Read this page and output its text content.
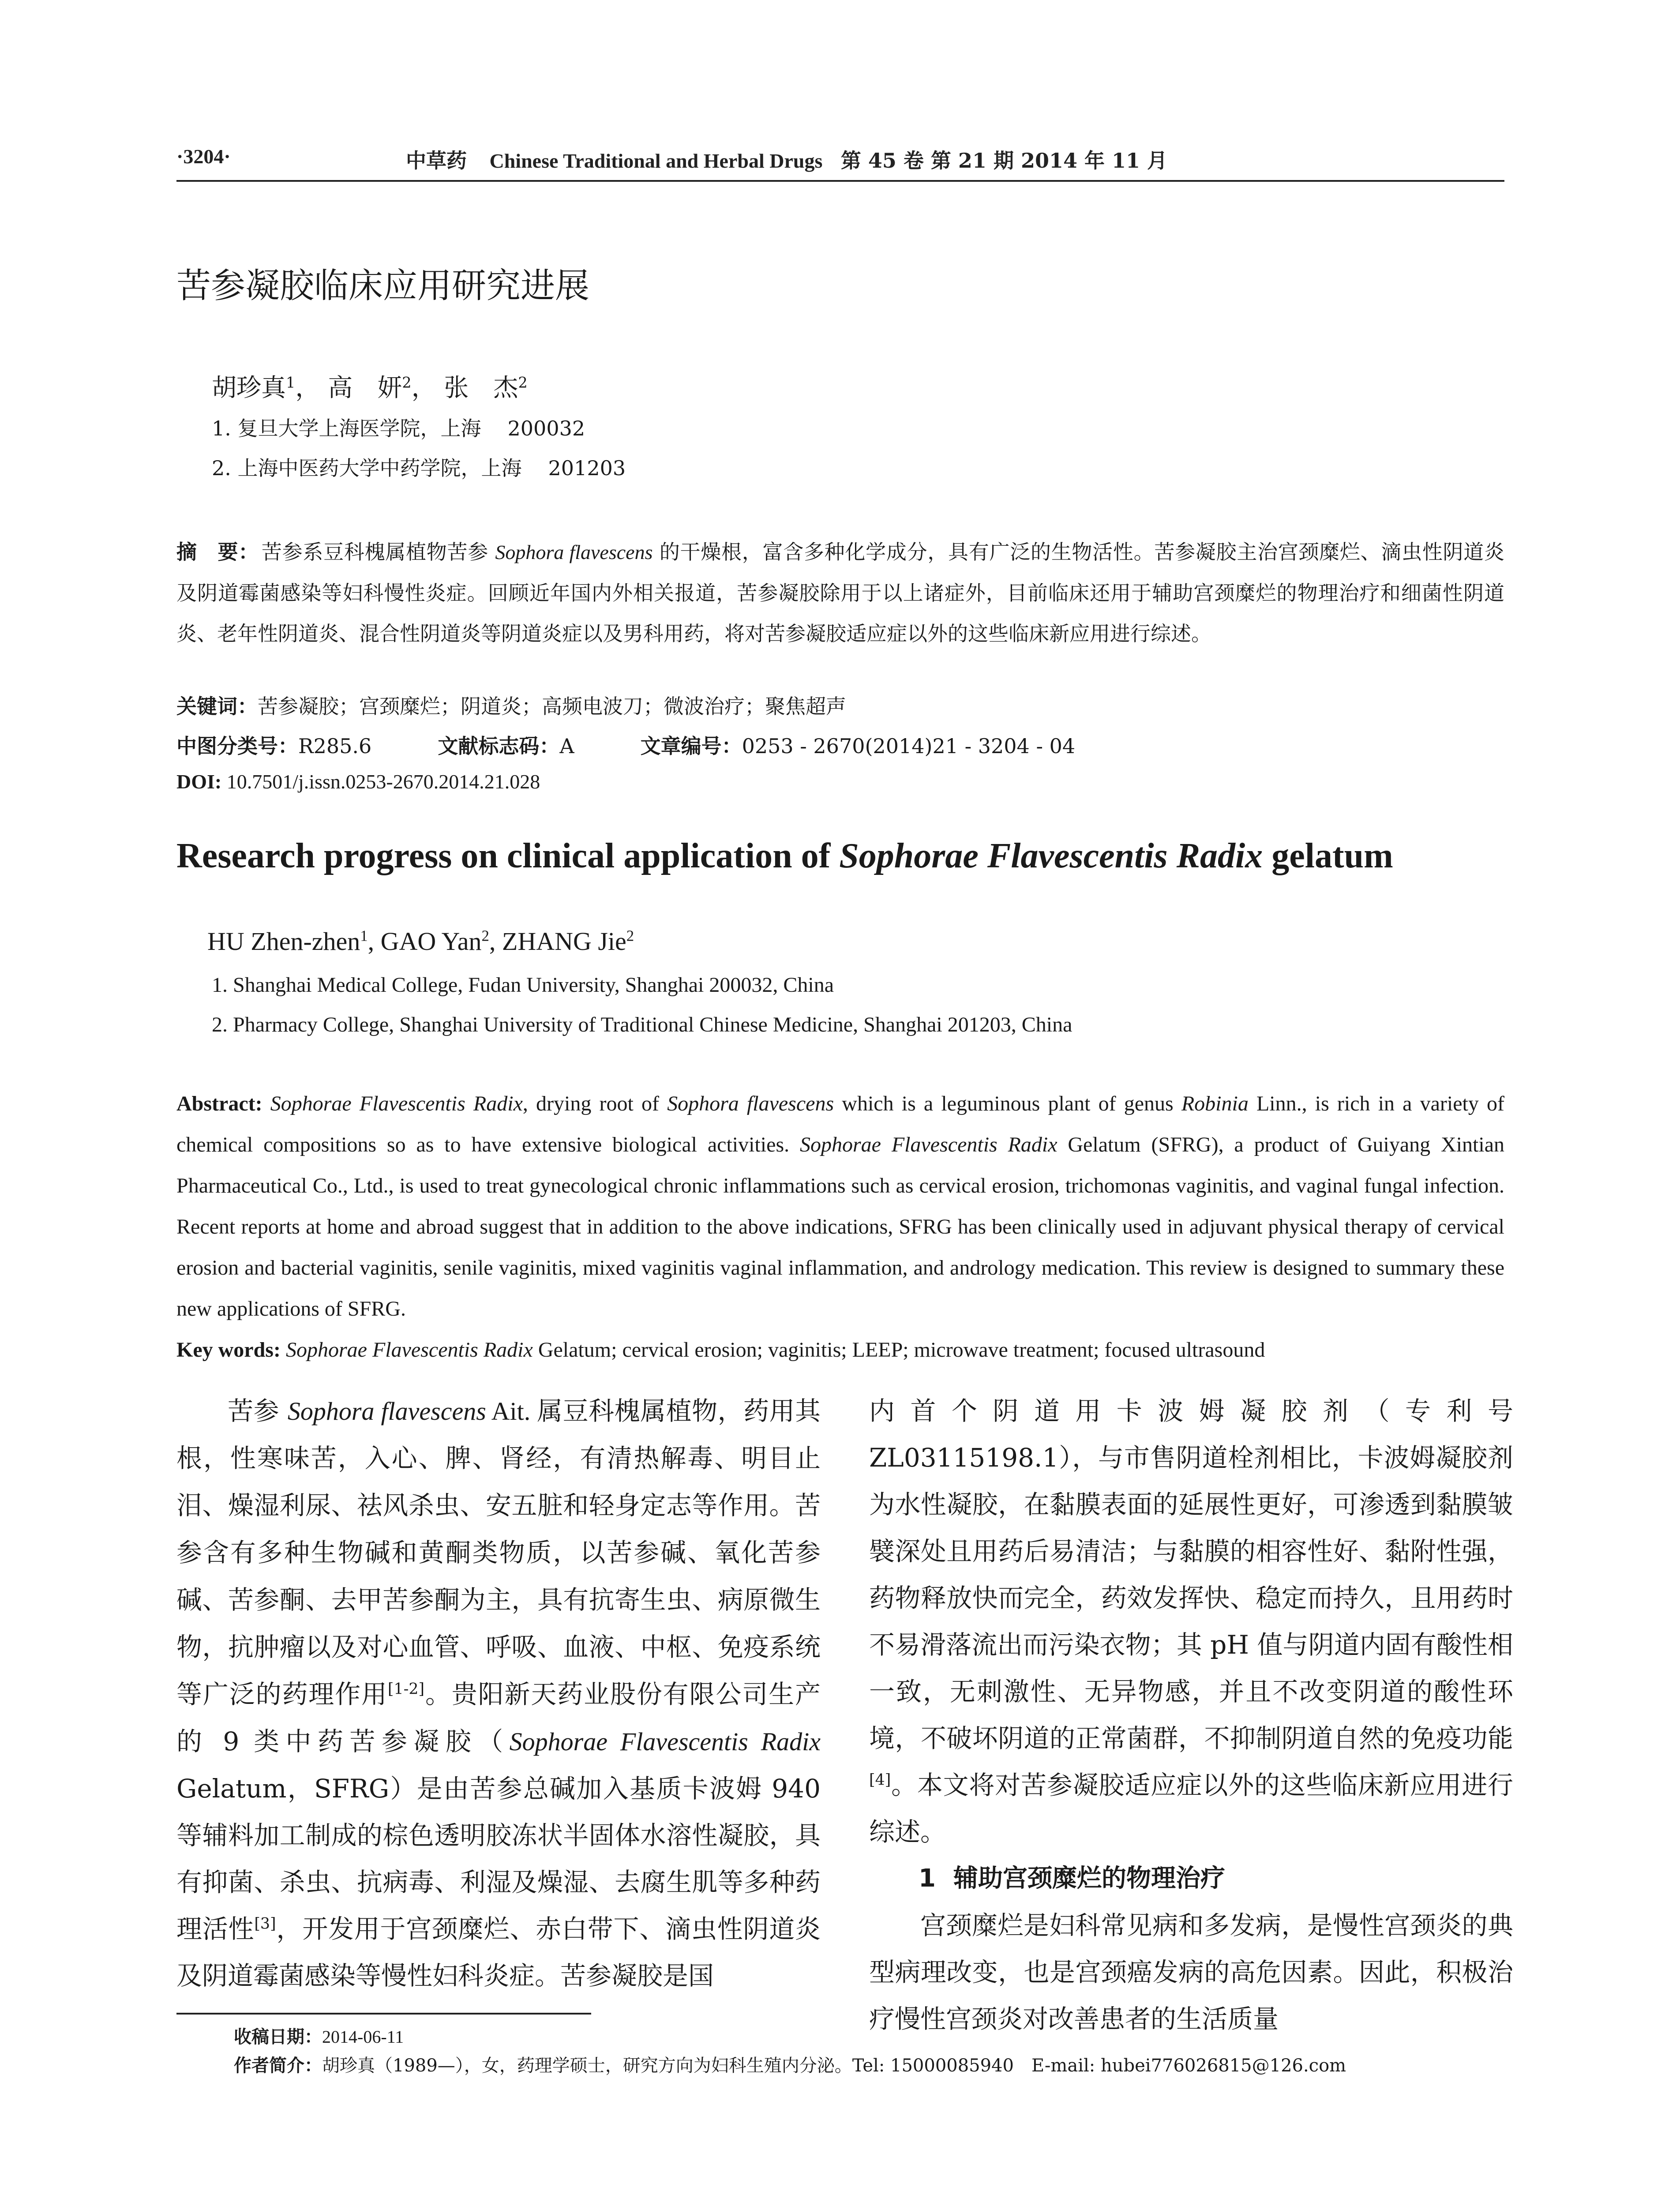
·3204·	中草药 Chinese Traditional and Herbal Drugs 第 45 卷 第 21 期 2014 年 11 月
苦参凝胶临床应用研究进展
胡珍真$^1$， 高　妍$^2$， 张　杰$^2$
1. 复旦大学上海医学院，上海 200032
2. 上海中医药大学中药学院，上海 201203
摘　要： 苦参系豆科槐属植物苦参 Sophora flavescens 的干燥根，富含多种化学成分，具有广泛的生物活性。苦参凝胶主治宫颈糜烂、滴虫性阴道炎及阴道霉菌感染等妇科慢性炎症。回顾近年国内外相关报道，苦参凝胶除用于以上诸症外，目前临床还用于辅助宫颈糜烂的物理治疗和细菌性阴道炎、老年性阴道炎、混合性阴道炎等阴道炎症以及男科用药，将对苦参凝胶适应症以外的这些临床新应用进行综述。
关键词：苦参凝胶；宫颈糜烂；阴道炎；高频电波刀；微波治疗；聚焦超声
中图分类号：R285.6	文献标志码：A	文章编号：0253 - 2670(2014)21 - 3204 - 04
DOI: 10.7501/j.issn.0253-2670.2014.21.028
Research progress on clinical application of Sophorae Flavescentis Radix gelatum
HU Zhen-zhen$^1$, GAO Yan$^2$, ZHANG Jie$^2$
1. Shanghai Medical College, Fudan University, Shanghai 200032, China
2. Pharmacy College, Shanghai University of Traditional Chinese Medicine, Shanghai 201203, China
Abstract: Sophorae Flavescentis Radix, drying root of Sophora flavescens which is a leguminous plant of genus Robinia Linn., is rich in a variety of chemical compositions so as to have extensive biological activities. Sophorae Flavescentis Radix Gelatum (SFRG), a product of Guiyang Xintian Pharmaceutical Co., Ltd., is used to treat gynecological chronic inflammations such as cervical erosion, trichomonas vaginitis, and vaginal fungal infection. Recent reports at home and abroad suggest that in addition to the above indications, SFRG has been clinically used in adjuvant physical therapy of cervical erosion and bacterial vaginitis, senile vaginitis, mixed vaginitis vaginal inflammation, and andrology medication. This review is designed to summary these new applications of SFRG.
Key words: Sophorae Flavescentis Radix Gelatum; cervical erosion; vaginitis; LEEP; microwave treatment; focused ultrasound

苦参 Sophora flavescens Ait. 属豆科槐属植物，药用其根，性寒味苦，入心、脾、肾经，有清热解毒、明目止泪、燥湿利尿、祛风杀虫、安五脏和轻身定志等作用。苦参含有多种生物碱和黄酮类物质，以苦参碱、氧化苦参碱、苦参酮、去甲苦参酮为主，具有抗寄生虫、病原微生物，抗肿瘤以及对心血管、呼吸、血液、中枢、免疫系统等广泛的药理作用[1-2]。贵阳新天药业股份有限公司生产的 9 类中药苦参凝胶（Sophorae Flavescentis Radix Gelatum，SFRG）是由苦参总碱加入基质卡波姆 940 等辅料加工制成的棕色透明胶冻状半固体水溶性凝胶，具有抑菌、杀虫、抗病毒、利湿及燥湿、去腐生肌等多种药理活性[3]，开发用于宫颈糜烂、赤白带下、滴虫性阴道炎及阴道霉菌感染等慢性妇科炎症。苦参凝胶是国

内首个阴道用卡波姆凝胶剂（专利号 ZL03115198.1），与市售阴道栓剂相比，卡波姆凝胶剂为水性凝胶，在黏膜表面的延展性更好，可渗透到黏膜皱襞深处且用药后易清洁；与黏膜的相容性好、黏附性强，药物释放快而完全，药效发挥快、稳定而持久，且用药时不易滑落流出而污染衣物；其 pH 值与阴道内固有酸性相一致，无刺激性、无异物感，并且不改变阴道的酸性环境，不破坏阴道的正常菌群，不抑制阴道自然的免疫功能[4]。本文将对苦参凝胶适应症以外的这些临床新应用进行综述。

1 辅助宫颈糜烂的物理治疗

宫颈糜烂是妇科常见病和多发病，是慢性宫颈炎的典型病理改变，也是宫颈癌发病的高危因素。因此，积极治疗慢性宫颈炎对改善患者的生活质量

收稿日期：2014-06-11
作者简介：胡珍真（1989—），女，药理学硕士，研究方向为妇科生殖内分泌。Tel: 15000085940　E-mail: hubei776026815@126.com
